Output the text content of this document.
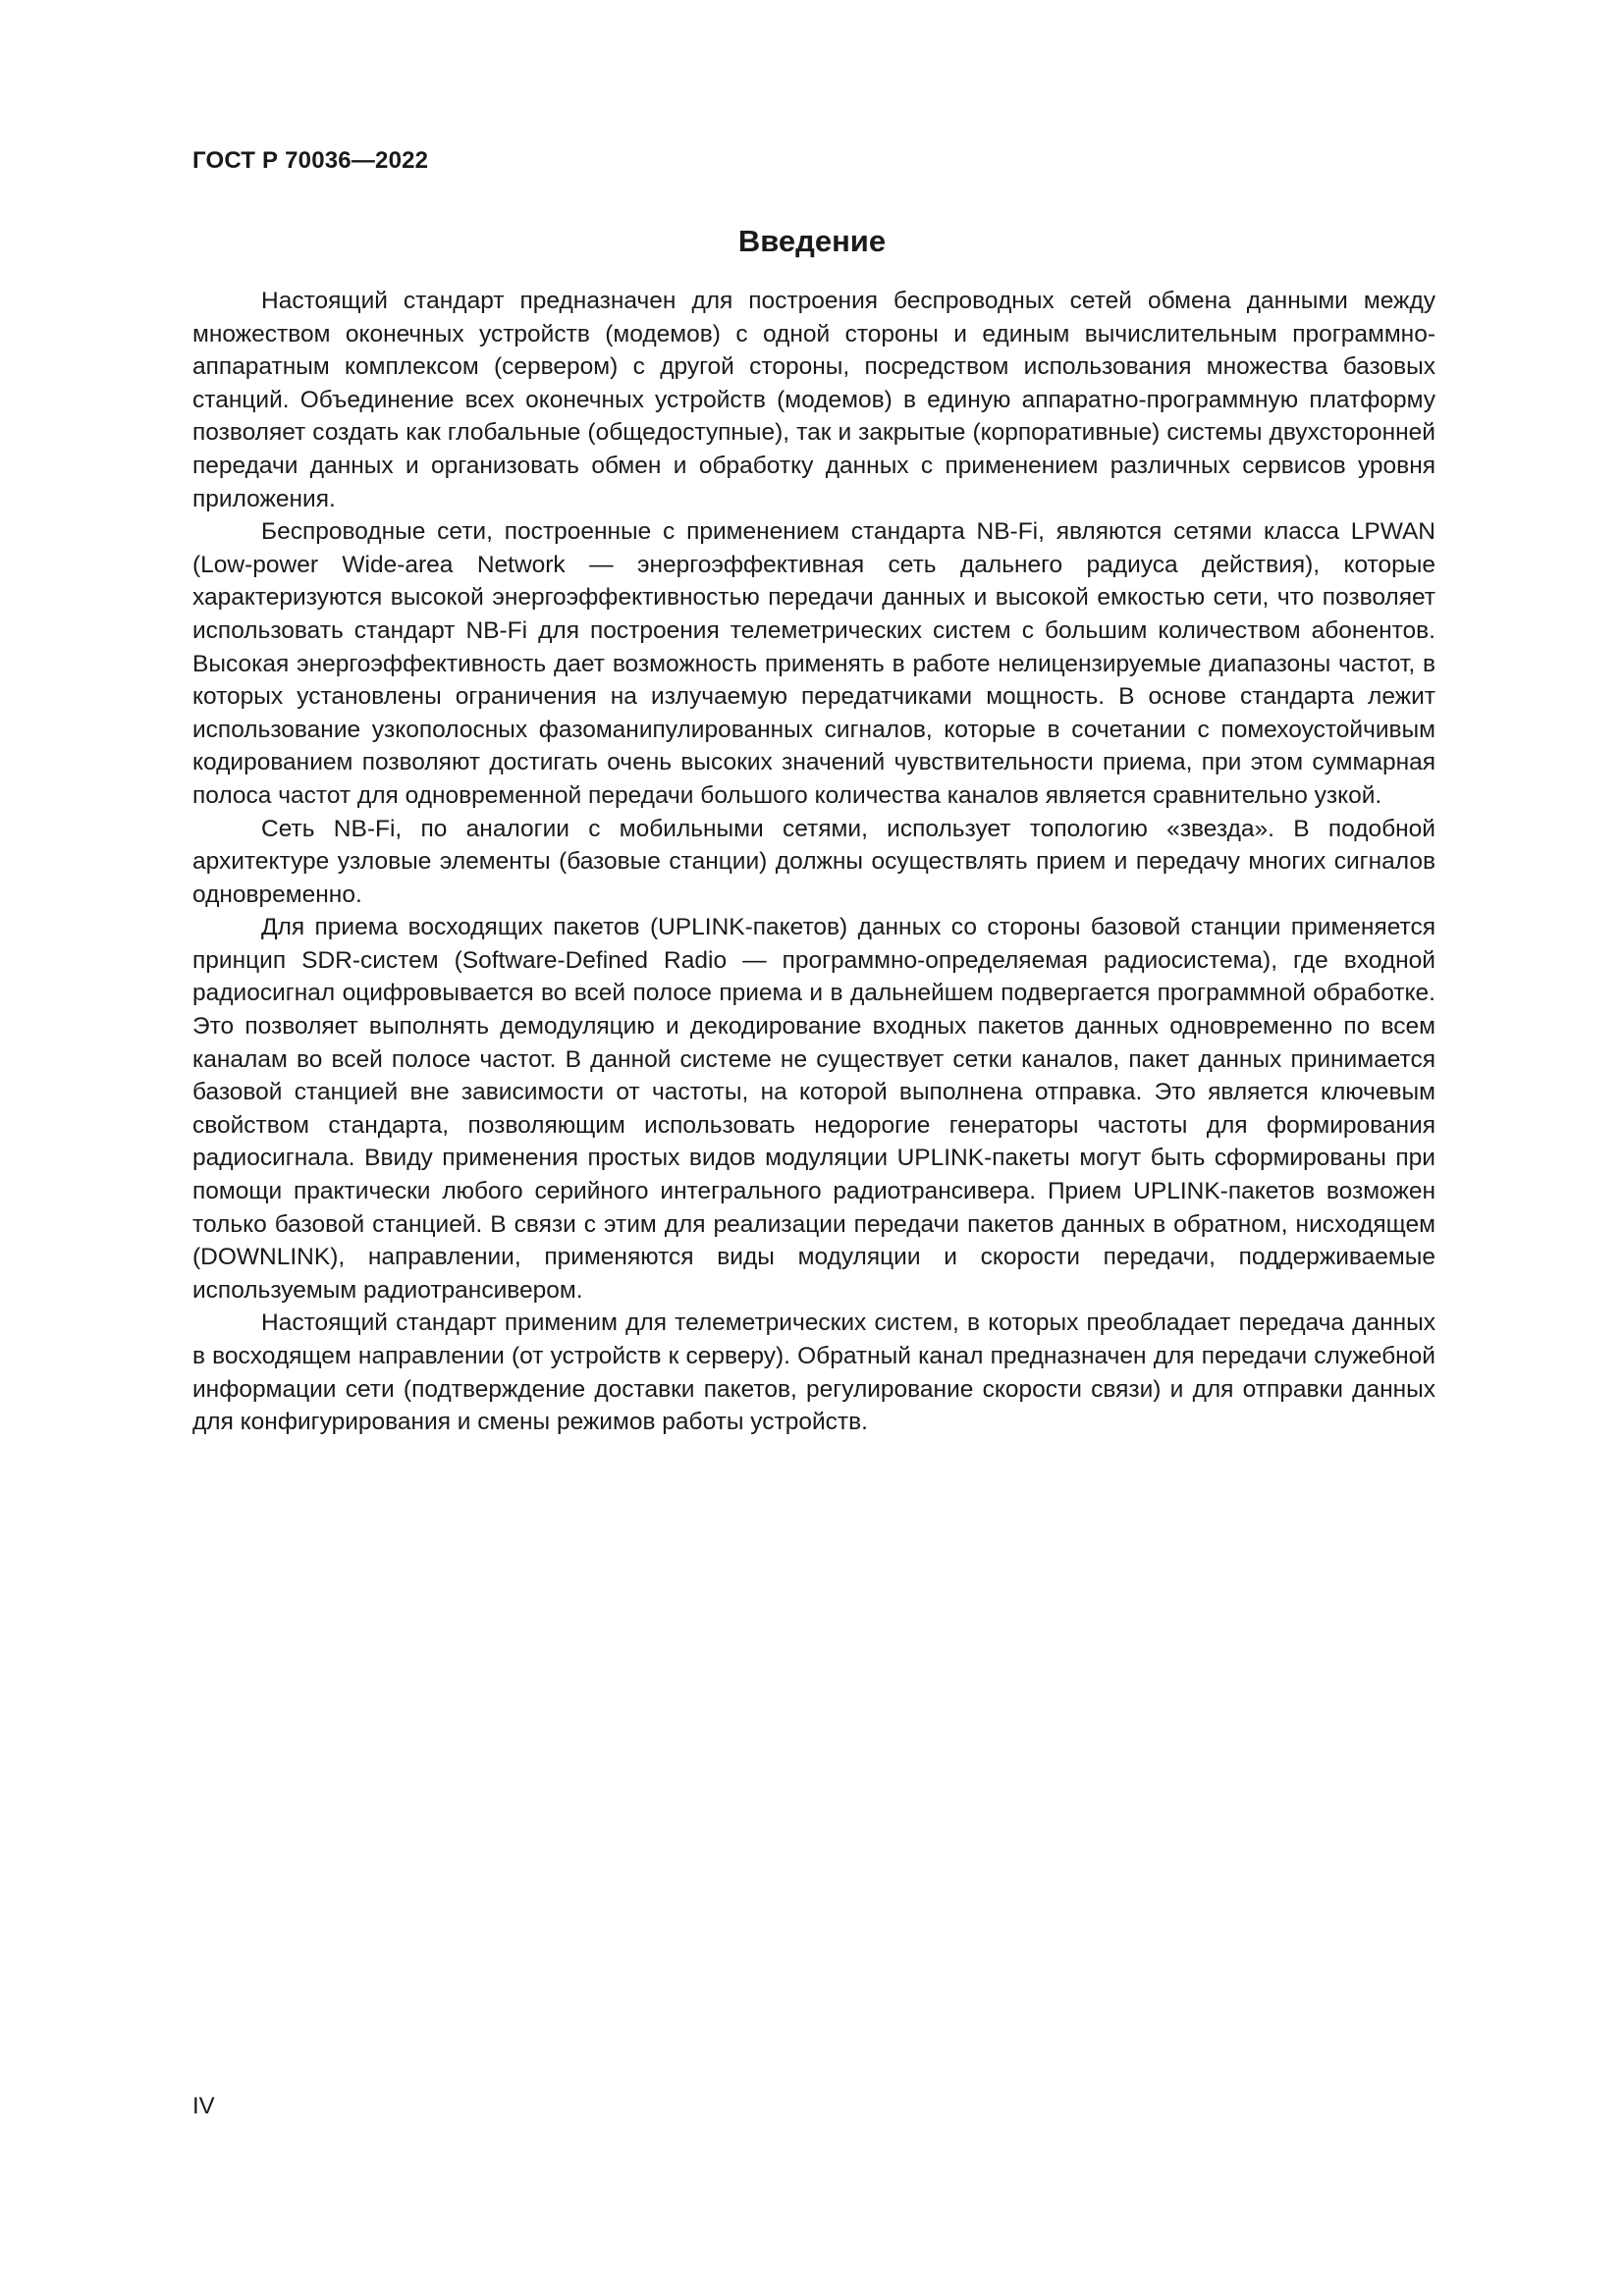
ГОСТ Р 70036—2022
Введение

Настоящий стандарт предназначен для построения беспроводных сетей обмена данными между множеством оконечных устройств (модемов) с одной стороны и единым вычислительным программно-аппаратным комплексом (сервером) с другой стороны, посредством использования множества базовых станций. Объединение всех оконечных устройств (модемов) в единую аппаратно-программную платформу позволяет создать как глобальные (общедоступные), так и закрытые (корпоративные) системы двухсторонней передачи данных и организовать обмен и обработку данных с применением различных сервисов уровня приложения.

Беспроводные сети, построенные с применением стандарта NB-Fi, являются сетями класса LPWAN (Low-power Wide-area Network — энергоэффективная сеть дальнего радиуса действия), которые характеризуются высокой энергоэффективностью передачи данных и высокой емкостью сети, что позволяет использовать стандарт NB-Fi для построения телеметрических систем с большим количеством абонентов. Высокая энергоэффективность дает возможность применять в работе нелицензируемые диапазоны частот, в которых установлены ограничения на излучаемую передатчиками мощность. В основе стандарта лежит использование узкополосных фазоманипулированных сигналов, которые в сочетании с помехоустойчивым кодированием позволяют достигать очень высоких значений чувствительности приема, при этом суммарная полоса частот для одновременной передачи большого количества каналов является сравнительно узкой.

Сеть NB-Fi, по аналогии с мобильными сетями, использует топологию «звезда». В подобной архитектуре узловые элементы (базовые станции) должны осуществлять прием и передачу многих сигналов одновременно.

Для приема восходящих пакетов (UPLINK-пакетов) данных со стороны базовой станции применяется принцип SDR-систем (Software-Defined Radio — программно-определяемая радиосистема), где входной радиосигнал оцифровывается во всей полосе приема и в дальнейшем подвергается программной обработке. Это позволяет выполнять демодуляцию и декодирование входных пакетов данных одновременно по всем каналам во всей полосе частот. В данной системе не существует сетки каналов, пакет данных принимается базовой станцией вне зависимости от частоты, на которой выполнена отправка. Это является ключевым свойством стандарта, позволяющим использовать недорогие генераторы частоты для формирования радиосигнала. Ввиду применения простых видов модуляции UPLINK-пакеты могут быть сформированы при помощи практически любого серийного интегрального радиотрансивера. Прием UPLINK-пакетов возможен только базовой станцией. В связи с этим для реализации передачи пакетов данных в обратном, нисходящем (DOWNLINK), направлении, применяются виды модуляции и скорости передачи, поддерживаемые используемым радиотрансивером.

Настоящий стандарт применим для телеметрических систем, в которых преобладает передача данных в восходящем направлении (от устройств к серверу). Обратный канал предназначен для передачи служебной информации сети (подтверждение доставки пакетов, регулирование скорости связи) и для отправки данных для конфигурирования и смены режимов работы устройств.

IV
